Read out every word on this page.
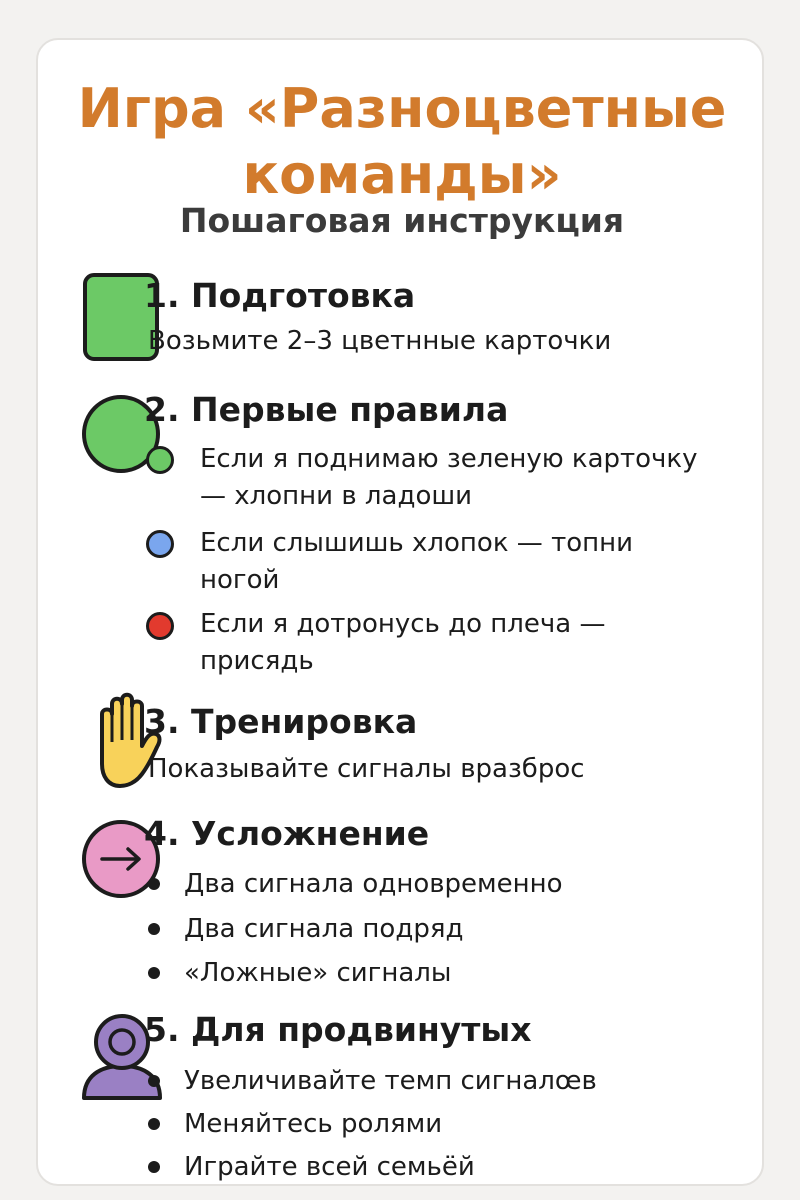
Игра «Разноцветные
команды»
Пошаговая инструкция
1. Подготовка
Возьмите 2–3 цветнные карточки
2. Первые правила
Если я поднимаю зеленую карточку — хлопни в ладоши
Если слышишь хлопок — топни ногой
Если я дотронусь до плеча — присядь
3. Тренировка
Показывайте сигналы вразброс
4. Усложнение
Два сигнала одновременно
Два сигнала подряд
«Ложные» сигналы
5. Для продвинутых
Увеличивайте темп сигналœв
Меняйтесь ролями
Играйте всей семьёй
